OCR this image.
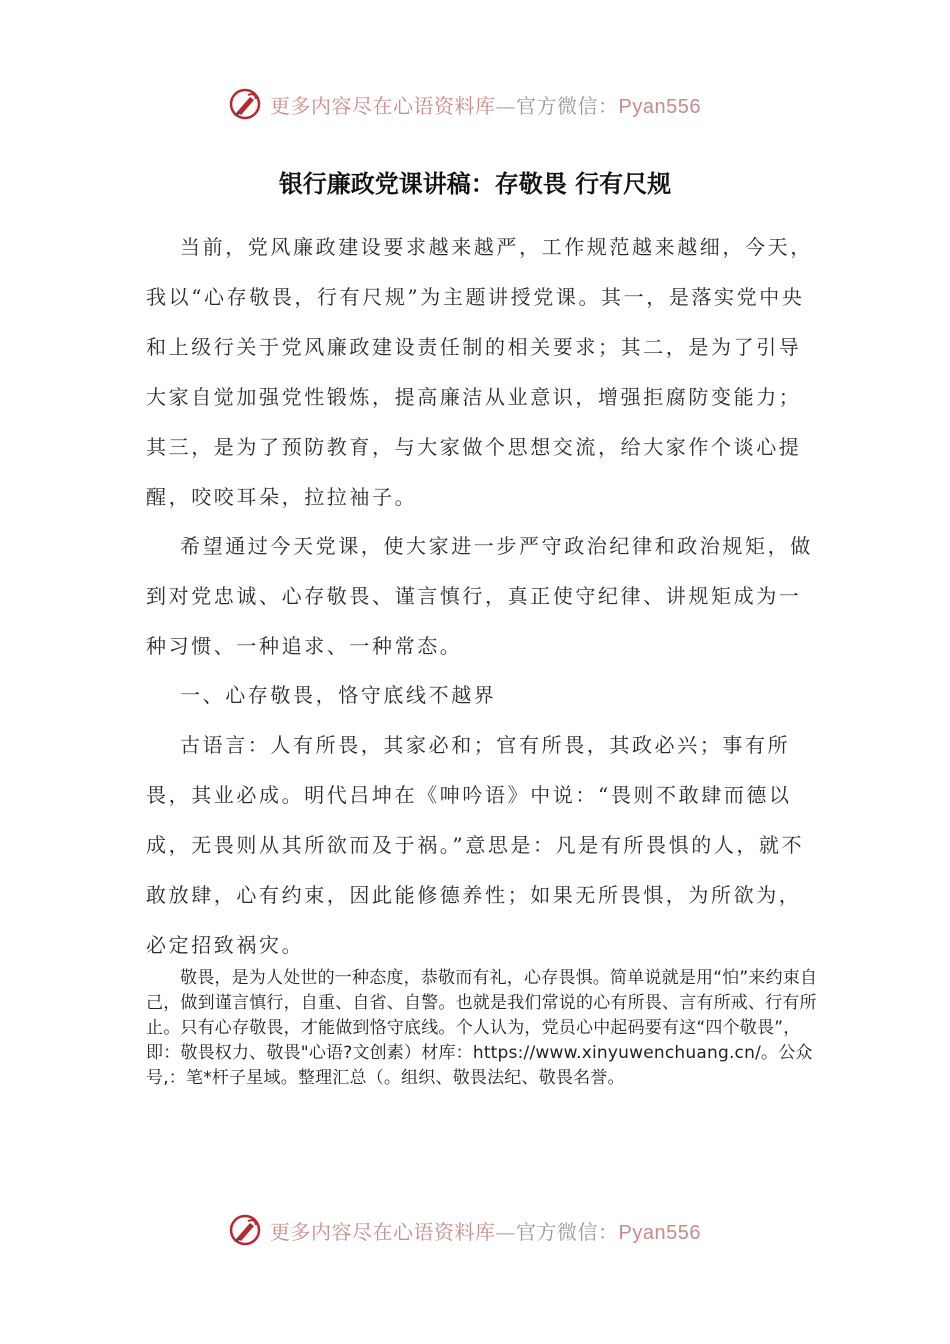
更多内容尽在心语资料库—官方微信：Pyan556
银行廉政党课讲稿：存敬畏 行有尺规

当前，党风廉政建设要求越来越严，工作规范越来越细，今天，我以“心存敬畏，行有尺规”为主题讲授党课。其一，是落实党中央和上级行关于党风廉政建设责任制的相关要求；其二，是为了引导大家自觉加强党性锻炼，提高廉洁从业意识，增强拒腐防变能力；其三，是为了预防教育，与大家做个思想交流，给大家作个谈心提醒，咬咬耳朵，拉拉袖子。

希望通过今天党课，使大家进一步严守政治纪律和政治规矩，做到对党忠诚、心存敬畏、谨言慎行，真正使守纪律、讲规矩成为一种习惯、一种追求、一种常态。

一、心存敬畏，恪守底线不越界

古语言：人有所畏，其家必和；官有所畏，其政必兴；事有所畏，其业必成。明代吕坤在《呻吟语》中说：“畏则不敢肆而德以成，无畏则从其所欲而及于祸。”意思是：凡是有所畏惧的人，就不敢放肆，心有约束，因此能修德养性；如果无所畏惧，为所欲为，必定招致祸灾。

敬畏，是为人处世的一种态度，恭敬而有礼，心存畏惧。简单说就是用“怕”来约束自己，做到谨言慎行，自重、自省、自警。也就是我们常说的心有所畏、言有所戒、行有所止。只有心存敬畏，才能做到恪守底线。个人认为，党员心中起码要有这“四个敬畏”，即：敬畏权力、敬畏"心语?文创素）材库：https://www.xinyuwenchuang.cn/。公众号,：笔*杆子星域。整理汇总（。组织、敬畏法纪、敬畏名誉。

更多内容尽在心语资料库—官方微信：Pyan556
